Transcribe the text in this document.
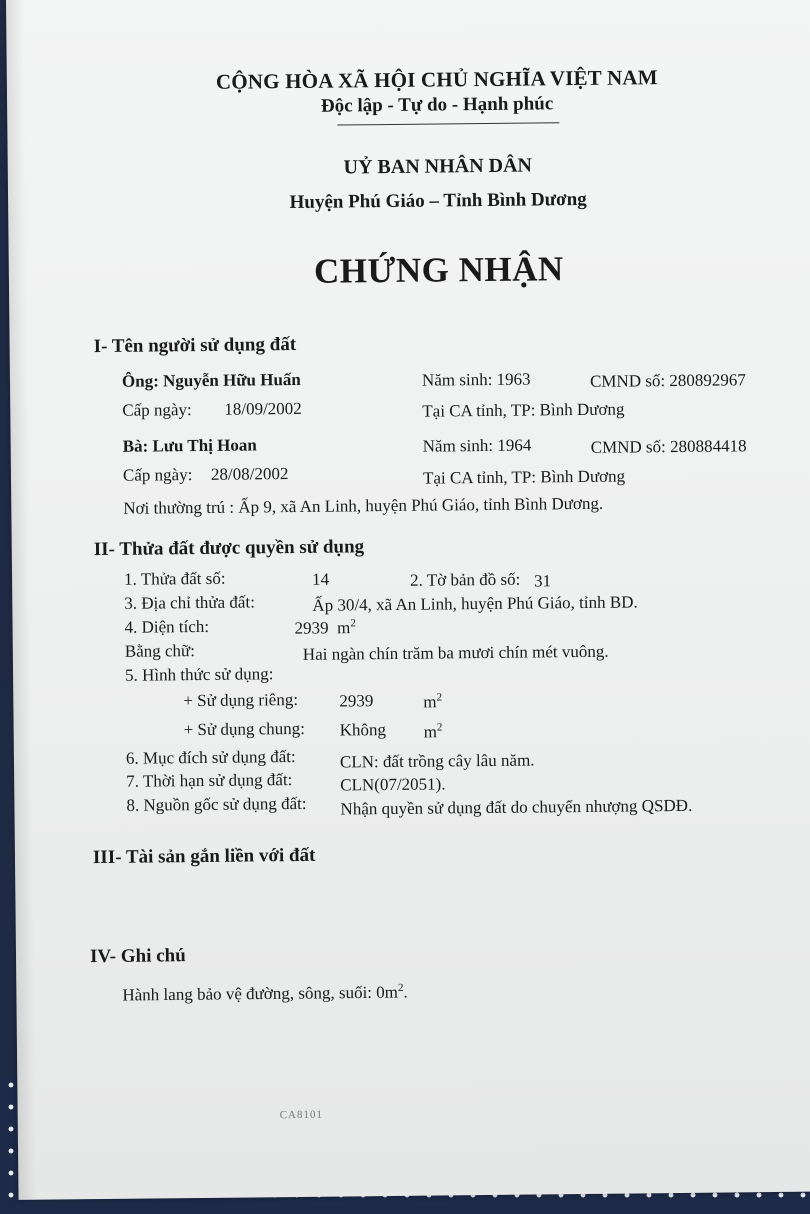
CỘNG HÒA XÃ HỘI CHỦ NGHĨA VIỆT NAM
Độc lập - Tự do - Hạnh phúc
UỶ BAN NHÂN DÂN
Huyện Phú Giáo – Tỉnh Bình Dương
CHỨNG NHẬN
I- Tên người sử dụng đất
Ông: Nguyễn Hữu Huấn	Năm sinh: 1963	CMND số: 280892967
Cấp ngày: 18/09/2002	Tại CA tỉnh, TP: Bình Dương
Bà: Lưu Thị Hoan	Năm sinh: 1964	CMND số: 280884418
Cấp ngày: 28/08/2002	Tại CA tỉnh, TP: Bình Dương
Nơi thường trú : Ấp 9, xã An Linh, huyện Phú Giáo, tỉnh Bình Dương.
II- Thửa đất được quyền sử dụng
1. Thửa đất số:	14	2. Tờ bản đồ số: 31
3. Địa chỉ thửa đất:	Ấp 30/4, xã An Linh, huyện Phú Giáo, tỉnh BD.
4. Diện tích:	2939 $m^2$
Bằng chữ:	Hai ngàn chín trăm ba mươi chín mét vuông.
5. Hình thức sử dụng:
+ Sử dụng riêng: 2939	$m^2$
+ Sử dụng chung: Không $m^2$
6. Mục đích sử dụng đất:	CLN: đất trồng cây lâu năm.
7. Thời hạn sử dụng đất:	CLN(07/2051).
8. Nguồn gốc sử dụng đất: Nhận quyền sử dụng đất do chuyển nhượng QSDĐ.
III- Tài sản gắn liền với đất
IV- Ghi chú
Hành lang bảo vệ đường, sông, suối: $0m^2$.
CA8101
